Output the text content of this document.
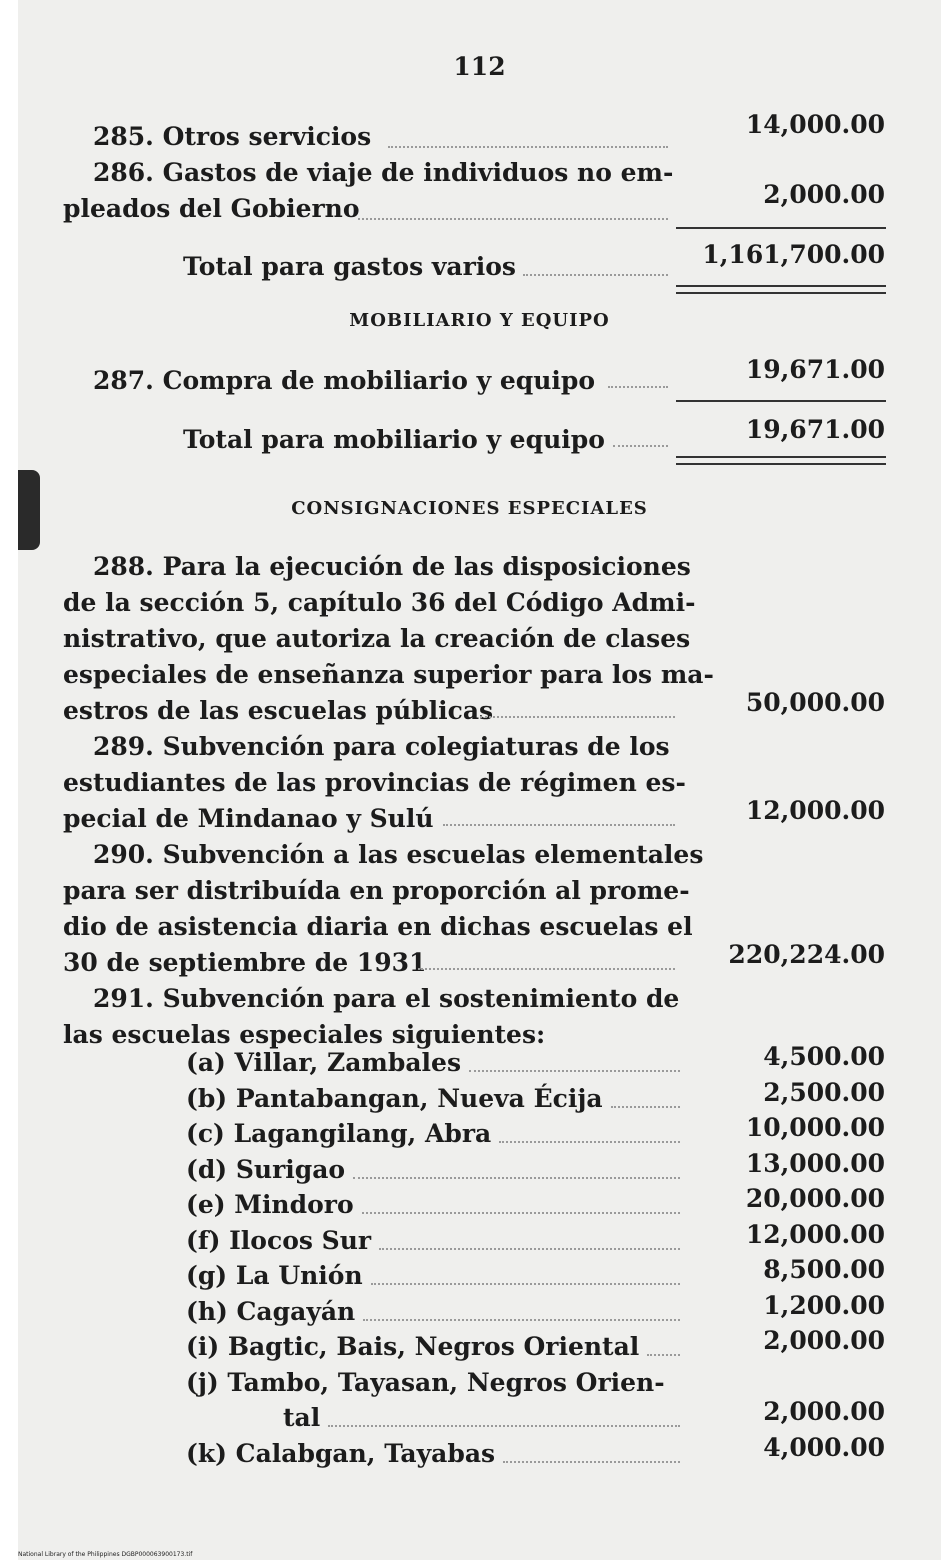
112
285. Otros servicios	14,000.00
286. Gastos de viaje de individuos no em-
pleados del Gobierno	2,000.00
Total para gastos varios	1,161,700.00
MOBILIARIO Y EQUIPO
287. Compra de mobiliario y equipo	19,671.00
Total para mobiliario y equipo	19,671.00
CONSIGNACIONES ESPECIALES
288. Para la ejecución de las disposiciones
de la sección 5, capítulo 36 del Código Admi-
nistrativo, que autoriza la creación de clases
especiales de enseñanza superior para los ma-
estros de las escuelas públicas	50,000.00
289. Subvención para colegiaturas de los
estudiantes de las provincias de régimen es-
pecial de Mindanao y Sulú	12,000.00
290. Subvención a las escuelas elementales
para ser distribuída en proporción al prome-
dio de asistencia diaria en dichas escuelas el
30 de septiembre de 1931	220,224.00
291. Subvención para el sostenimiento de
las escuelas especiales siguientes:
(a) Villar, Zambales	4,500.00
(b) Pantabangan, Nueva Écija	2,500.00
(c) Lagangilang, Abra	10,000.00
(d) Surigao	13,000.00
(e) Mindoro	20,000.00
(f) Ilocos Sur	12,000.00
(g) La Unión	8,500.00
(h) Cagayán	1,200.00
(i) Bagtic, Bais, Negros Oriental	2,000.00
(j) Tambo, Tayasan, Negros Orien-
tal	2,000.00
(k) Calabgan, Tayabas	4,000.00
National Library of the Philippines DGBP000063900173.tif
